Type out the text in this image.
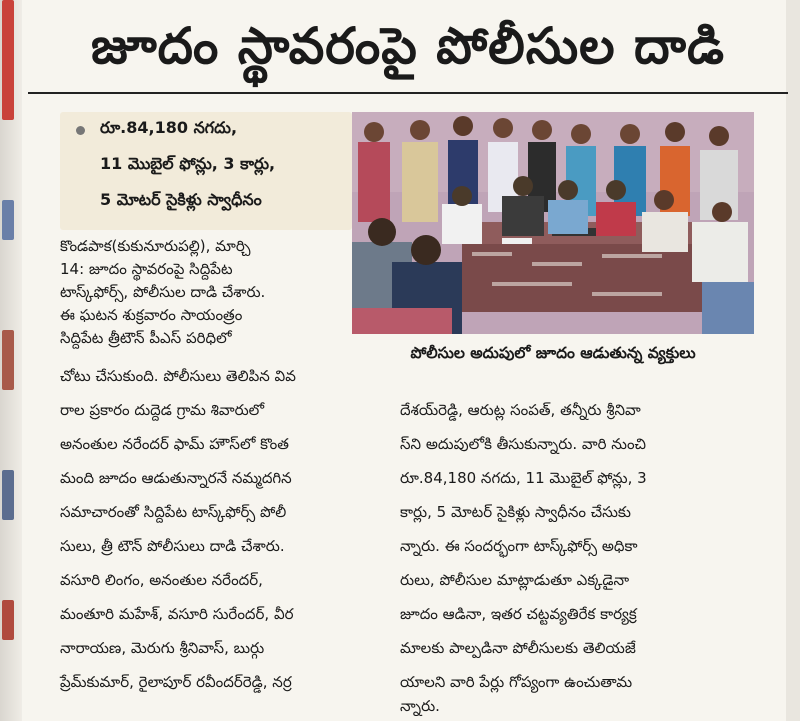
జూదం స్థావరంపై పోలీసుల దాడి
రూ.84,180 నగదు,
11 మొబైల్ ఫోన్లు, 3 కార్లు,
5 మోటర్ సైకిళ్లు స్వాధీనం
పోలీసుల అదుపులో జూదం ఆడుతున్న వ్యక్తులు
కొండపాక(కుకునూరుపల్లి), మార్చి
14: జూదం స్థావరంపై సిద్దిపేట
టాస్క్‌ఫోర్స్, పోలీసుల దాడి చేశారు.
ఈ ఘటన శుక్రవారం సాయంత్రం
సిద్దిపేట త్రీటౌన్ పీఎస్ పరిధిలో
చోటు చేసుకుంది. పోలీసులు తెలిపిన వివ
రాల ప్రకారం దుద్దెడ గ్రామ శివారులో
అనంతుల నరేందర్ ఫామ్ హౌస్‌లో కొంత
మంది జూదం ఆడుతున్నారనే నమ్మదగిన
సమాచారంతో సిద్దిపేట టాస్క్‌ఫోర్స్ పోలీ
సులు, త్రీ టౌన్ పోలీసులు దాడి చేశారు.
వసూరి లింగం, అనంతుల నరేందర్,
మంతూరి మహేశ్, వసూరి సురేందర్, వీర
నారాయణ, మెరుగు శ్రీనివాస్, బుర్గు
ప్రేమ్‌కుమార్, రైలాపూర్ రవీందర్‌రెడ్డి, నర్ర
దేశయ్‌రెడ్డి, ఆరుట్ల సంపత్, తన్నీరు శ్రీనివా
స్‌ని అదుపులోకి తీసుకున్నారు. వారి నుంచి
రూ.84,180 నగదు, 11 మొబైల్ ఫోన్లు, 3
కార్లు, 5 మోటర్ సైకిళ్లు స్వాధీనం చేసుకు
న్నారు. ఈ సందర్భంగా టాస్క్‌ఫోర్స్ అధికా
రులు, పోలీసుల మాట్లాడుతూ ఎక్కడైనా
జూదం ఆడినా, ఇతర చట్టవ్యతిరేక కార్యక్ర
మాలకు పాల్పడినా పోలీసులకు తెలియజే
యాలని వారి పేర్లు గోప్యంగా ఉంచుతామ
న్నారు.
